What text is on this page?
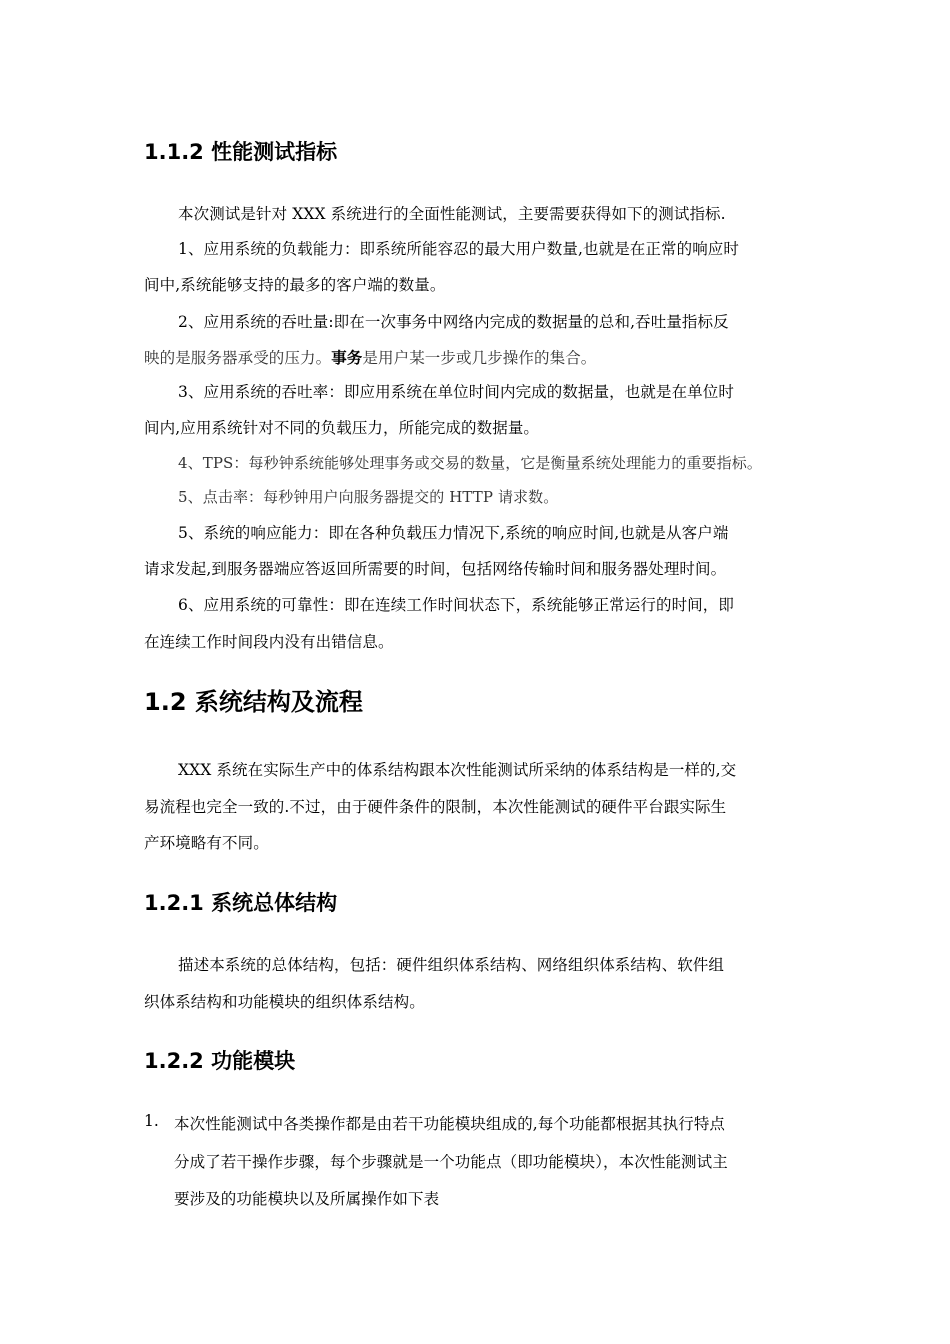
1.1.2 性能测试指标
本次测试是针对 XXX 系统进行的全面性能测试，主要需要获得如下的测试指标.
1、应用系统的负载能力：即系统所能容忍的最大用户数量,也就是在正常的响应时
间中,系统能够支持的最多的客户端的数量。
2、应用系统的吞吐量:即在一次事务中网络内完成的数据量的总和,吞吐量指标反
映的是服务器承受的压力。事务是用户某一步或几步操作的集合。
3、应用系统的吞吐率：即应用系统在单位时间内完成的数据量，也就是在单位时
间内,应用系统针对不同的负载压力，所能完成的数据量。
4、TPS：每秒钟系统能够处理事务或交易的数量，它是衡量系统处理能力的重要指标。
5、点击率：每秒钟用户向服务器提交的 HTTP 请求数。
5、系统的响应能力：即在各种负载压力情况下,系统的响应时间,也就是从客户端
请求发起,到服务器端应答返回所需要的时间，包括网络传输时间和服务器处理时间。
6、应用系统的可靠性：即在连续工作时间状态下，系统能够正常运行的时间，即
在连续工作时间段内没有出错信息。
1.2 系统结构及流程
XXX 系统在实际生产中的体系结构跟本次性能测试所采纳的体系结构是一样的,交
易流程也完全一致的.不过，由于硬件条件的限制，本次性能测试的硬件平台跟实际生
产环境略有不同。
1.2.1 系统总体结构
描述本系统的总体结构，包括：硬件组织体系结构、网络组织体系结构、软件组
织体系结构和功能模块的组织体系结构。
1.2.2 功能模块
1. 本次性能测试中各类操作都是由若干功能模块组成的,每个功能都根据其执行特点
分成了若干操作步骤，每个步骤就是一个功能点（即功能模块），本次性能测试主
要涉及的功能模块以及所属操作如下表
